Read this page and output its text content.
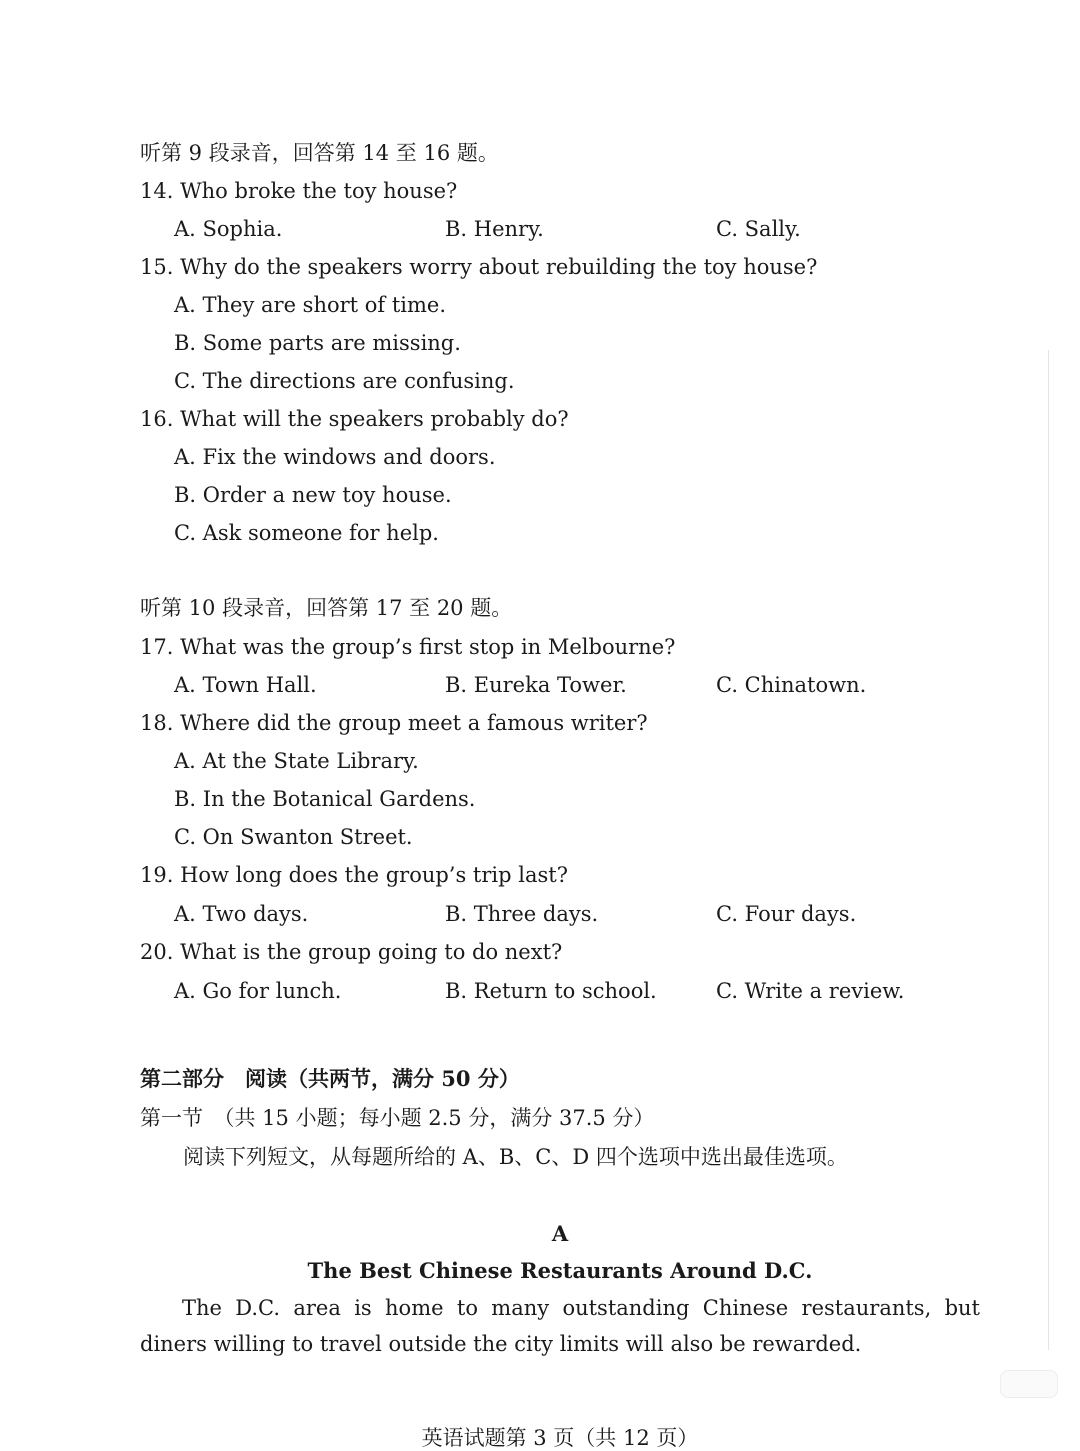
听第 9 段录音，回答第 14 至 16 题。
14. Who broke the toy house?
A. Sophia.	B. Henry.	C. Sally.
15. Why do the speakers worry about rebuilding the toy house?
A. They are short of time.
B. Some parts are missing.
C. The directions are confusing.
16. What will the speakers probably do?
A. Fix the windows and doors.
B. Order a new toy house.
C. Ask someone for help.
听第 10 段录音，回答第 17 至 20 题。
17. What was the group’s first stop in Melbourne?
A. Town Hall.	B. Eureka Tower.	C. Chinatown.
18. Where did the group meet a famous writer?
A. At the State Library.
B. In the Botanical Gardens.
C. On Swanton Street.
19. How long does the group’s trip last?
A. Two days.	B. Three days.	C. Four days.
20. What is the group going to do next?
A. Go for lunch.	B. Return to school.	C. Write a review.
第二部分　阅读（共两节，满分 50 分）
第一节　（共 15 小题；每小题 2.5 分，满分 37.5 分）
阅读下列短文，从每题所给的 A、B、C、D 四个选项中选出最佳选项。
A
The Best Chinese Restaurants Around D.C.
The D.C. area is home to many outstanding Chinese restaurants, but diners willing to travel outside the city limits will also be rewarded.
英语试题第 3 页（共 12 页）
